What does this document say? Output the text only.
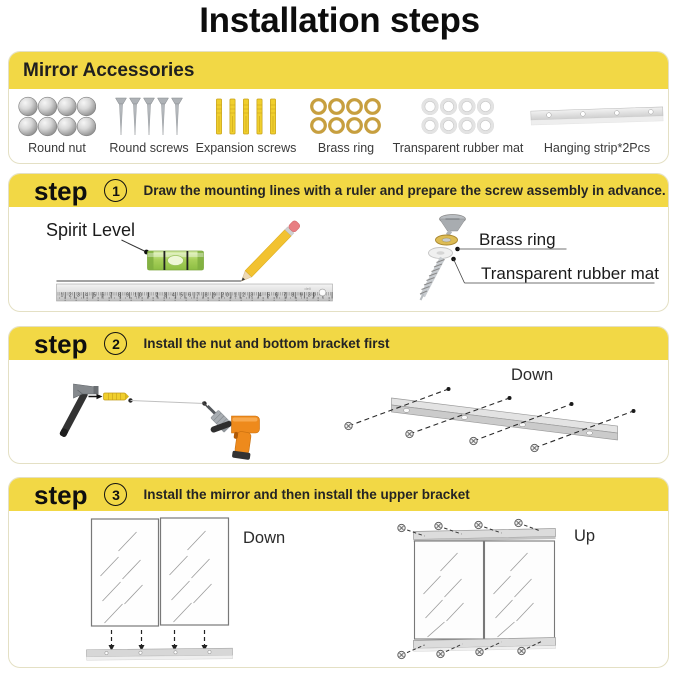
Installation steps
Mirror Accessories
Round nut Round screws Expansion screws Brass ring Transparent rubber mat Hanging strip*2Pcs
step	1	Draw the mounting lines with a ruler and prepare the screw assembly in advance.
1 2 3 4 5 6 7 8 9 10 1 2 3 4 5 6 7 8 9 20 1 2 3 4 5 6 7 8 9 30
deli
Spirit Level	Brass ring
Transparent rubber mat
step	2	Install the nut and bottom bracket first
Down
step	3	Install the mirror and then install the upper bracket
Down	Up
